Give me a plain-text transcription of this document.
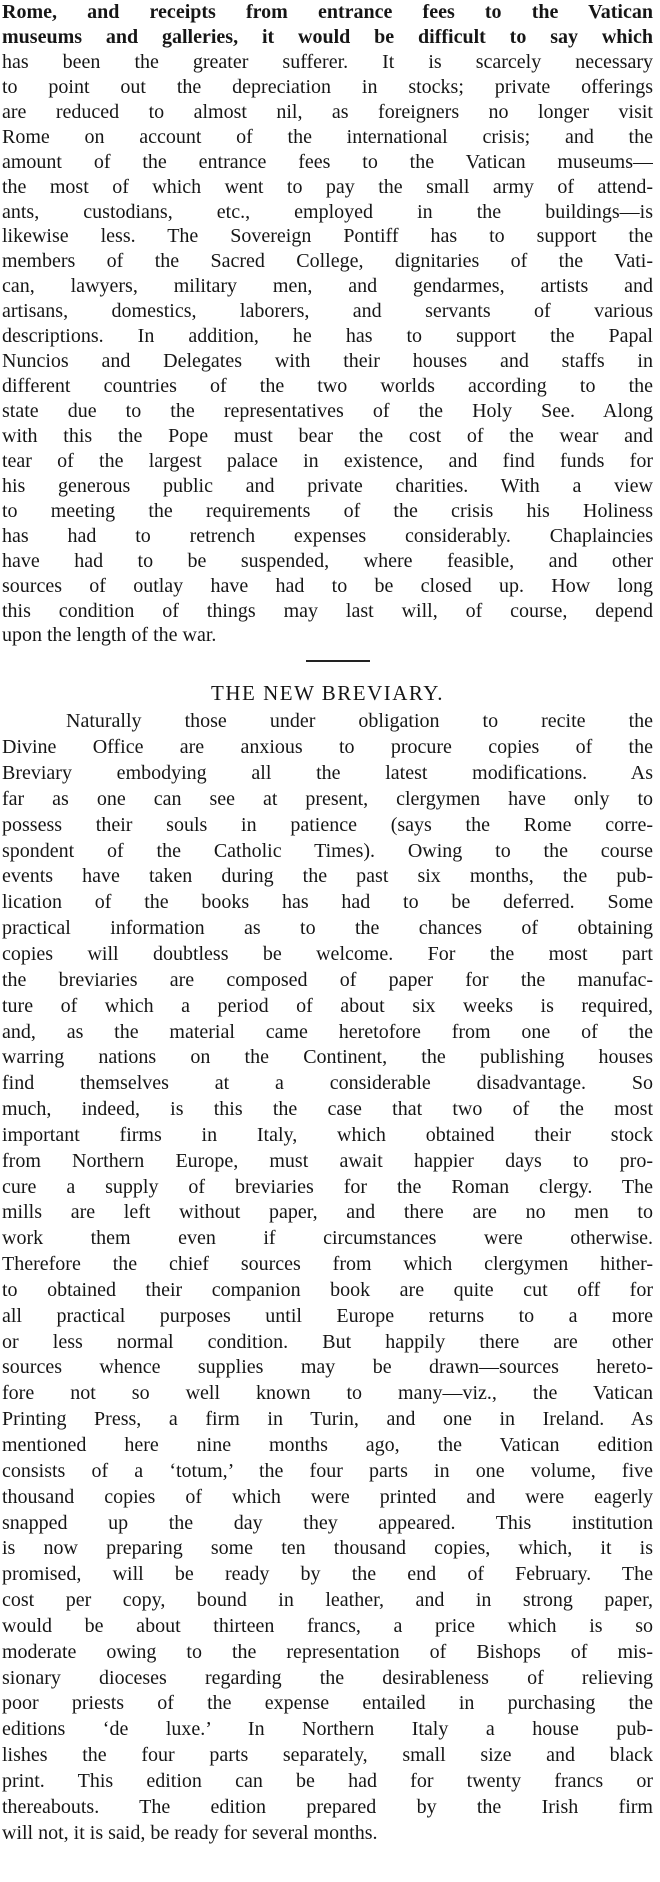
Rome, and receipts from entrance fees to the Vatican
museums and galleries, it would be difficult to say which
has been the greater sufferer. It is scarcely necessary
to point out the depreciation in stocks; private offerings
are reduced to almost nil, as foreigners no longer visit
Rome on account of the international crisis; and the
amount of the entrance fees to the Vatican museums—
the most of which went to pay the small army of attend-
ants, custodians, etc., employed in the buildings—is
likewise less. The Sovereign Pontiff has to support the
members of the Sacred College, dignitaries of the Vati-
can, lawyers, military men, and gendarmes, artists and
artisans, domestics, laborers, and servants of various
descriptions. In addition, he has to support the Papal
Nuncios and Delegates with their houses and staffs in
different countries of the two worlds according to the
state due to the representatives of the Holy See. Along
with this the Pope must bear the cost of the wear and
tear of the largest palace in existence, and find funds for
his generous public and private charities. With a view
to meeting the requirements of the crisis his Holiness
has had to retrench expenses considerably. Chaplaincies
have had to be suspended, where feasible, and other
sources of outlay have had to be closed up. How long
this condition of things may last will, of course, depend
upon the length of the war.
THE NEW BREVIARY.
Naturally those under obligation to recite the
Divine Office are anxious to procure copies of the
Breviary embodying all the latest modifications. As
far as one can see at present, clergymen have only to
possess their souls in patience (says the Rome corre-
spondent of the Catholic Times). Owing to the course
events have taken during the past six months, the pub-
lication of the books has had to be deferred. Some
practical information as to the chances of obtaining
copies will doubtless be welcome. For the most part
the breviaries are composed of paper for the manufac-
ture of which a period of about six weeks is required,
and, as the material came heretofore from one of the
warring nations on the Continent, the publishing houses
find themselves at a considerable disadvantage. So
much, indeed, is this the case that two of the most
important firms in Italy, which obtained their stock
from Northern Europe, must await happier days to pro-
cure a supply of breviaries for the Roman clergy. The
mills are left without paper, and there are no men to
work them even if circumstances were otherwise.
Therefore the chief sources from which clergymen hither-
to obtained their companion book are quite cut off for
all practical purposes until Europe returns to a more
or less normal condition. But happily there are other
sources whence supplies may be drawn—sources hereto-
fore not so well known to many—viz., the Vatican
Printing Press, a firm in Turin, and one in Ireland. As
mentioned here nine months ago, the Vatican edition
consists of a ‘totum,’ the four parts in one volume, five
thousand copies of which were printed and were eagerly
snapped up the day they appeared. This institution
is now preparing some ten thousand copies, which, it is
promised, will be ready by the end of February. The
cost per copy, bound in leather, and in strong paper,
would be about thirteen francs, a price which is so
moderate owing to the representation of Bishops of mis-
sionary dioceses regarding the desirableness of relieving
poor priests of the expense entailed in purchasing the
editions ‘de luxe.’ In Northern Italy a house pub-
lishes the four parts separately, small size and black
print. This edition can be had for twenty francs or
thereabouts. The edition prepared by the Irish firm
will not, it is said, be ready for several months.
